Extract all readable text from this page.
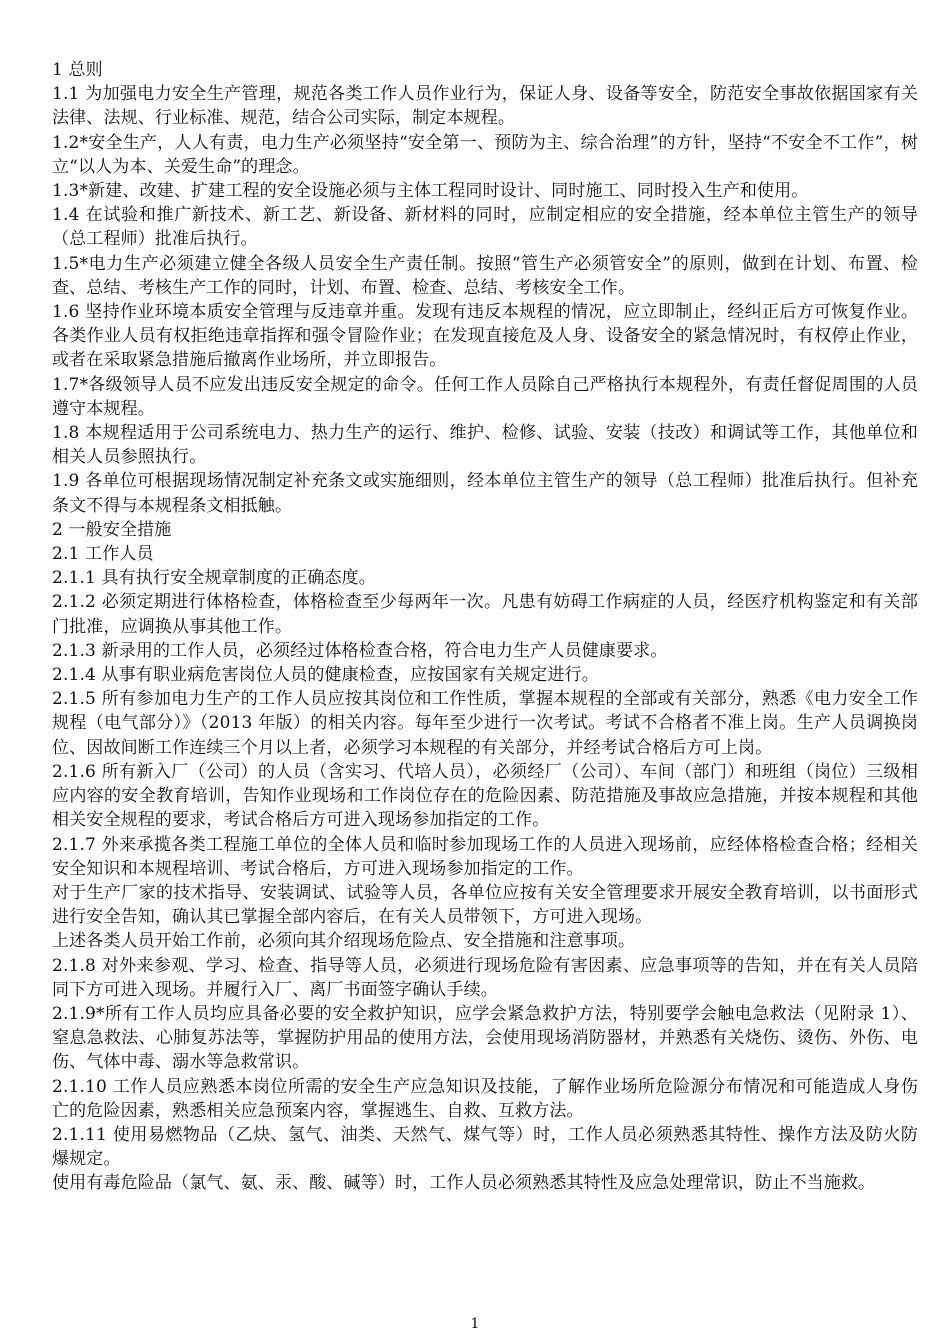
1 总则

1.1 为加强电力安全生产管理，规范各类工作人员作业行为，保证人身、设备等安全，防范安全事故依据国家有关法律、法规、行业标准、规范，结合公司实际，制定本规程。

1.2*安全生产，人人有责，电力生产必须坚持“安全第一、预防为主、综合治理”的方针，坚持“不安全不工作”，树立“以人为本、关爱生命”的理念。

1.3*新建、改建、扩建工程的安全设施必须与主体工程同时设计、同时施工、同时投入生产和使用。

1.4 在试验和推广新技术、新工艺、新设备、新材料的同时，应制定相应的安全措施，经本单位主管生产的领导（总工程师）批准后执行。

1.5*电力生产必须建立健全各级人员安全生产责任制。按照“管生产必须管安全”的原则，做到在计划、布置、检查、总结、考核生产工作的同时，计划、布置、检查、总结、考核安全工作。

1.6 坚持作业环境本质安全管理与反违章并重。发现有违反本规程的情况，应立即制止，经纠正后方可恢复作业。各类作业人员有权拒绝违章指挥和强令冒险作业；在发现直接危及人身、设备安全的紧急情况时，有权停止作业，或者在采取紧急措施后撤离作业场所，并立即报告。

1.7*各级领导人员不应发出违反安全规定的命令。任何工作人员除自己严格执行本规程外，有责任督促周围的人员遵守本规程。

1.8 本规程适用于公司系统电力、热力生产的运行、维护、检修、试验、安装（技改）和调试等工作，其他单位和相关人员参照执行。

1.9 各单位可根据现场情况制定补充条文或实施细则，经本单位主管生产的领导（总工程师）批准后执行。但补充条文不得与本规程条文相抵触。

2 一般安全措施

2.1 工作人员

2.1.1 具有执行安全规章制度的正确态度。

2.1.2 必须定期进行体格检查，体格检查至少每两年一次。凡患有妨碍工作病症的人员，经医疗机构鉴定和有关部门批准，应调换从事其他工作。

2.1.3 新录用的工作人员，必须经过体格检查合格，符合电力生产人员健康要求。

2.1.4 从事有职业病危害岗位人员的健康检查，应按国家有关规定进行。

2.1.5 所有参加电力生产的工作人员应按其岗位和工作性质，掌握本规程的全部或有关部分，熟悉《电力安全工作规程（电气部分）》（2013 年版）的相关内容。每年至少进行一次考试。考试不合格者不准上岗。生产人员调换岗位、因故间断工作连续三个月以上者，必须学习本规程的有关部分，并经考试合格后方可上岗。

2.1.6 所有新入厂（公司）的人员（含实习、代培人员），必须经厂（公司）、车间（部门）和班组（岗位）三级相应内容的安全教育培训，告知作业现场和工作岗位存在的危险因素、防范措施及事故应急措施，并按本规程和其他相关安全规程的要求，考试合格后方可进入现场参加指定的工作。

2.1.7 外来承揽各类工程施工单位的全体人员和临时参加现场工作的人员进入现场前，应经体格检查合格；经相关安全知识和本规程培训、考试合格后，方可进入现场参加指定的工作。

对于生产厂家的技术指导、安装调试、试验等人员，各单位应按有关安全管理要求开展安全教育培训，以书面形式进行安全告知，确认其已掌握全部内容后，在有关人员带领下，方可进入现场。

上述各类人员开始工作前，必须向其介绍现场危险点、安全措施和注意事项。

2.1.8 对外来参观、学习、检查、指导等人员，必须进行现场危险有害因素、应急事项等的告知，并在有关人员陪同下方可进入现场。并履行入厂、离厂书面签字确认手续。

2.1.9*所有工作人员均应具备必要的安全救护知识，应学会紧急救护方法，特别要学会触电急救法（见附录 1）、窒息急救法、心肺复苏法等，掌握防护用品的使用方法，会使用现场消防器材，并熟悉有关烧伤、烫伤、外伤、电伤、气体中毒、溺水等急救常识。

2.1.10 工作人员应熟悉本岗位所需的安全生产应急知识及技能，了解作业场所危险源分布情况和可能造成人身伤亡的危险因素，熟悉相关应急预案内容，掌握逃生、自救、互救方法。

2.1.11 使用易燃物品（乙炔、氢气、油类、天然气、煤气等）时，工作人员必须熟悉其特性、操作方法及防火防爆规定。

使用有毒危险品（氯气、氨、汞、酸、碱等）时，工作人员必须熟悉其特性及应急处理常识，防止不当施救。

1
